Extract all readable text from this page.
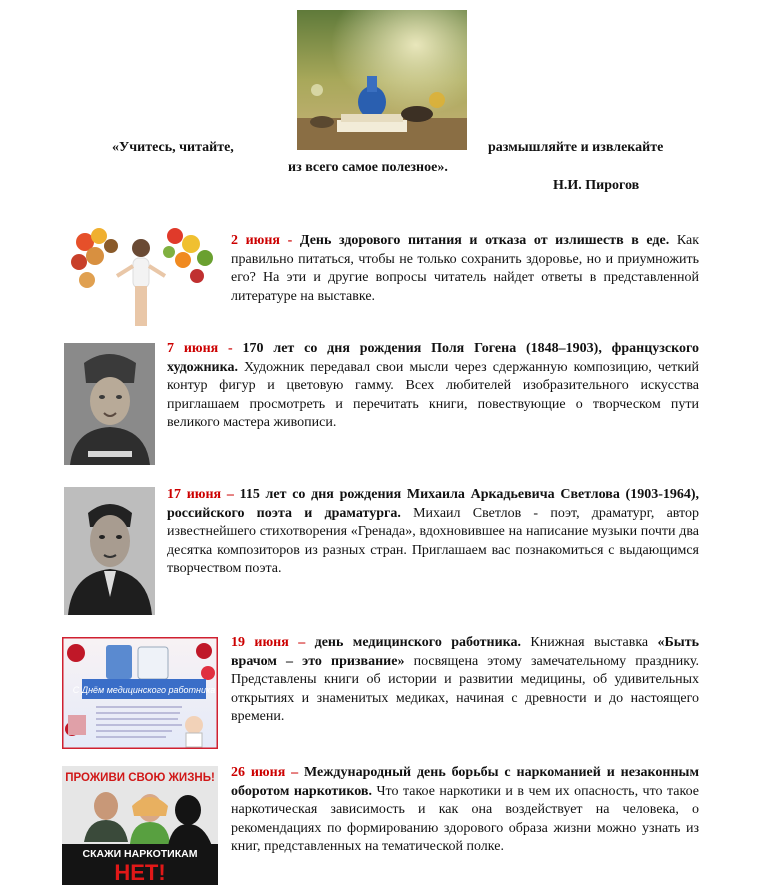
«Учитесь, читайте,	размышляйте и извлекайте
из всего самое полезное».
Н.И. Пирогов

2 июня - День здорового питания и отказа от излишеств в еде. Как правильно питаться, чтобы не только сохранить здоровье, но и приумножить его? На эти и другие вопросы читатель найдет ответы в представленной литературе на выставке.

7 июня - 170 лет со дня рождения Поля Гогена (1848–1903), французского художника. Художник передавал свои мысли через сдержанную композицию, четкий контур фигур и цветовую гамму. Всех любителей изобразительного искусства приглашаем просмотреть и перечитать книги, повествующие о творческом пути великого мастера живописи.

17 июня – 115 лет со дня рождения Михаила Аркадьевича Светлова (1903-1964), российского поэта и драматурга. Михаил Светлов - поэт, драматург, автор известнейшего стихотворения «Гренада», вдохновившее на написание музыки почти два десятка композиторов из разных стран. Приглашаем вас познакомиться с выдающимся творчеством поэта.

С Днём медицинского работника

19 июня – день медицинского работника. Книжная выставка «Быть врачом – это призвание» посвящена этому замечательному празднику. Представлены книги об истории и развитии медицины, об удивительных открытиях и знаменитых медиках, начиная с древности и до настоящего времени.

ПРОЖИВИ СВОЮ ЖИЗНЬ!
СКАЖИ НАРКОТИКАМ
НЕТ!

26 июня – Международный день борьбы с наркоманией и незаконным оборотом наркотиков. Что такое наркотики и в чем их опасность, что такое наркотическая зависимость и как она воздействует на человека, о рекомендациях по формированию здорового образа жизни можно узнать из книг, представленных на тематической полке.
